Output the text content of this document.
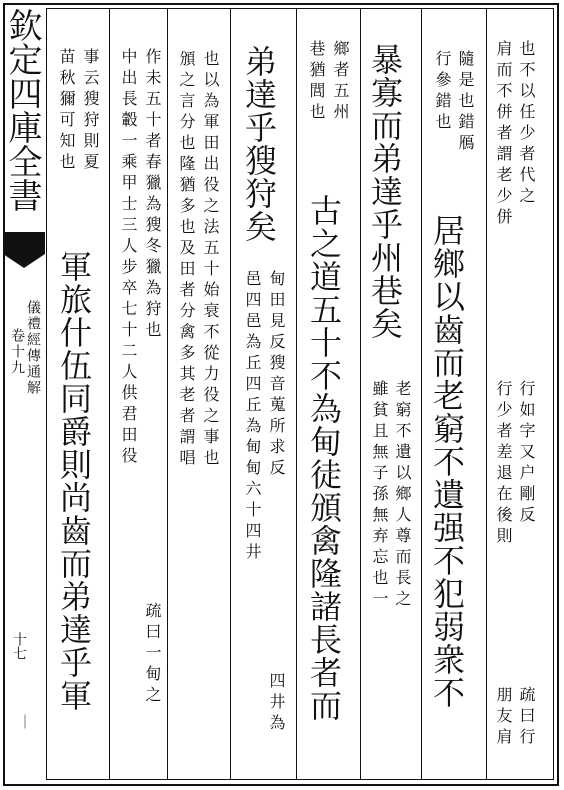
欽定四庫全書
儀禮經傳通解
卷十九
十七
｜
也不以任少者代之
肩而不併者謂老少併
行如字又户剛反
行少者差退在後則
疏曰行
朋友肩
隨是也錯鴈
行參錯也
居鄉以齒而老窮不遺强不犯弱衆不
暴寡而弟達乎州巷矣
老窮不遺以鄉人尊而長之
雖貧且無子孫無弃忘也一
鄉者五州
巷猶閭也
古之道五十不為甸徒頒禽隆諸長者而
弟達乎獀狩矣
甸田見反獀音蒐所求反
邑四邑為丘四丘為甸甸六十四井
四井為
也以為軍田出役之法五十始衰不從力役之事也
頒之言分也隆猶多也及田者分禽多其老者謂唱
作未五十者春獵為獀冬獵為狩也
中出長轂一乘甲士三人步卒七十二人供君田役
疏曰一甸之
事云獀狩則夏
苗秋獮可知也
軍旅什伍同爵則尚齒而弟達乎軍
